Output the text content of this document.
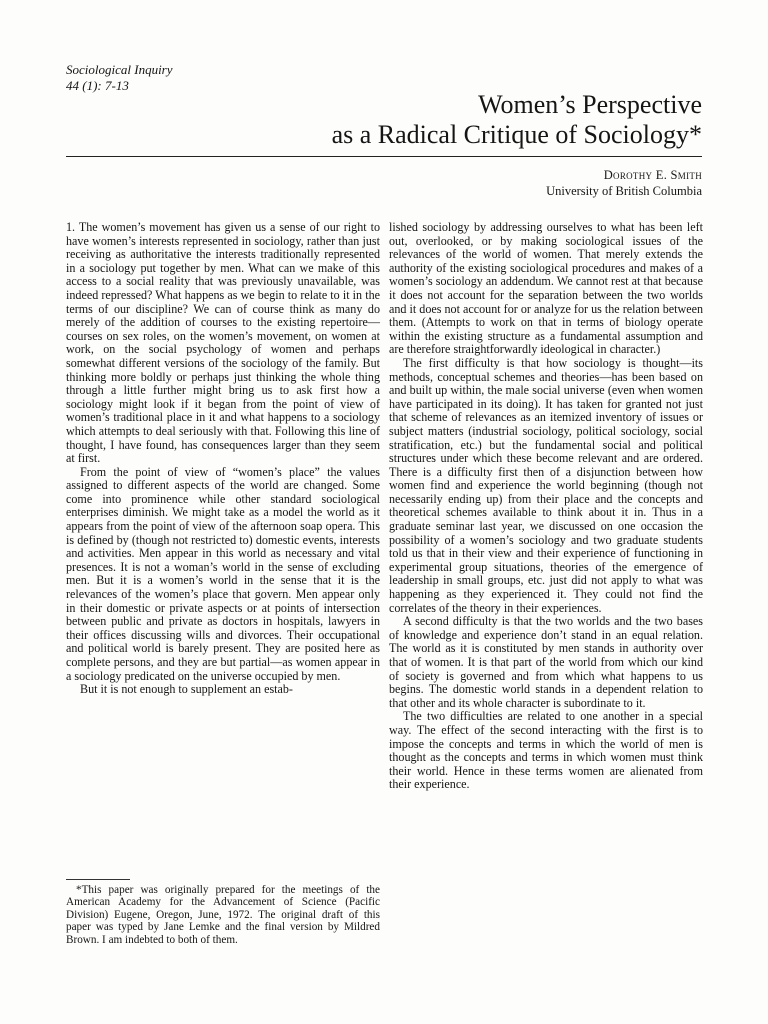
Sociological Inquiry
44 (1): 7-13
Women’s Perspective
as a Radical Critique of Sociology*
Dorothy E. Smith
University of British Columbia

1. The women’s movement has given us a sense of our right to have women’s interests represented in sociology, rather than just receiving as authoritative the interests traditionally represented in a sociology put together by men. What can we make of this access to a social reality that was previously unavailable, was indeed repressed? What happens as we begin to relate to it in the terms of our discipline? We can of course think as many do merely of the addition of courses to the existing repertoire—courses on sex roles, on the women’s movement, on women at work, on the social psychology of women and perhaps somewhat different versions of the sociology of the family. But thinking more boldly or perhaps just thinking the whole thing through a little further might bring us to ask first how a sociology might look if it began from the point of view of women’s traditional place in it and what happens to a sociology which attempts to deal seriously with that. Following this line of thought, I have found, has consequences larger than they seem at first.

From the point of view of “women’s place” the values assigned to different aspects of the world are changed. Some come into prominence while other standard sociological enterprises diminish. We might take as a model the world as it appears from the point of view of the afternoon soap opera. This is defined by (though not restricted to) domestic events, interests and activities. Men appear in this world as necessary and vital presences. It is not a woman’s world in the sense of excluding men. But it is a women’s world in the sense that it is the relevances of the women’s place that govern. Men appear only in their domestic or private aspects or at points of intersection between public and private as doctors in hospitals, lawyers in their offices discussing wills and divorces. Their occupational and political world is barely present. They are posited here as complete persons, and they are but partial—as women appear in a sociology predicated on the universe occupied by men.

But it is not enough to supplement an estab-

lished sociology by addressing ourselves to what has been left out, overlooked, or by making sociological issues of the relevances of the world of women. That merely extends the authority of the existing sociological procedures and makes of a women’s sociology an addendum. We cannot rest at that because it does not account for the separation between the two worlds and it does not account for or analyze for us the relation between them. (Attempts to work on that in terms of biology operate within the existing structure as a fundamental assumption and are therefore straightforwardly ideological in character.)

The first difficulty is that how sociology is thought—its methods, conceptual schemes and theories—has been based on and built up within, the male social universe (even when women have participated in its doing). It has taken for granted not just that scheme of relevances as an itemized inventory of issues or subject matters (industrial sociology, political sociology, social stratification, etc.) but the fundamental social and political structures under which these become relevant and are ordered. There is a difficulty first then of a disjunction between how women find and experience the world beginning (though not necessarily ending up) from their place and the concepts and theoretical schemes available to think about it in. Thus in a graduate seminar last year, we discussed on one occasion the possibility of a women’s sociology and two graduate students told us that in their view and their experience of functioning in experimental group situations, theories of the emergence of leadership in small groups, etc. just did not apply to what was happening as they experienced it. They could not find the correlates of the theory in their experiences.

A second difficulty is that the two worlds and the two bases of knowledge and experience don’t stand in an equal relation. The world as it is constituted by men stands in authority over that of women. It is that part of the world from which our kind of society is governed and from which what happens to us begins. The domestic world stands in a dependent relation to that other and its whole character is subordinate to it.

The two difficulties are related to one another in a special way. The effect of the second interacting with the first is to impose the concepts and terms in which the world of men is thought as the concepts and terms in which women must think their world. Hence in these terms women are alienated from their experience.

*This paper was originally prepared for the meetings of the American Academy for the Advancement of Science (Pacific Division) Eugene, Oregon, June, 1972. The original draft of this paper was typed by Jane Lemke and the final version by Mildred Brown. I am indebted to both of them.
